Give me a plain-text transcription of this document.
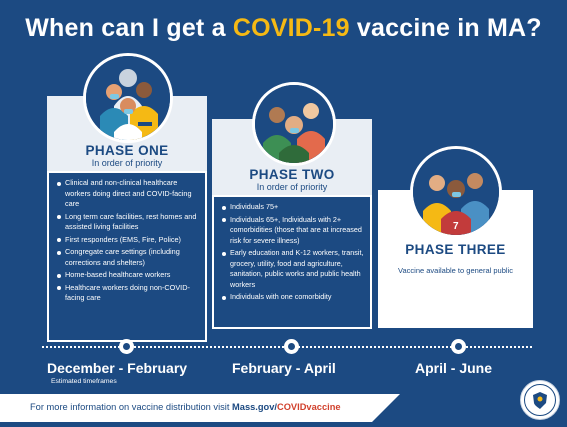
When can I get a COVID-19 vaccine in MA?
PHASE ONE
In order of priority
Clinical and non-clinical healthcare workers doing direct and COVID-facing care
Long term care facilities, rest homes and assisted living facilities
First responders (EMS, Fire, Police)
Congregate care settings (including corrections and shelters)
Home-based healthcare workers
Healthcare workers doing non-COVID-facing care
PHASE TWO
In order of priority
Individuals 75+
Individuals 65+, Individuals with 2+ comorbidities (those that are at increased risk for severe illness)
Early education and K-12 workers, transit, grocery, utility, food and agriculture, sanitation, public works and public health workers
Individuals with one comorbidity
PHASE THREE
Vaccine available to general public
7
December - February	February - April	April - June
Estimated timeframes
For more information on vaccine distribution visit Mass.gov/COVIDvaccine
